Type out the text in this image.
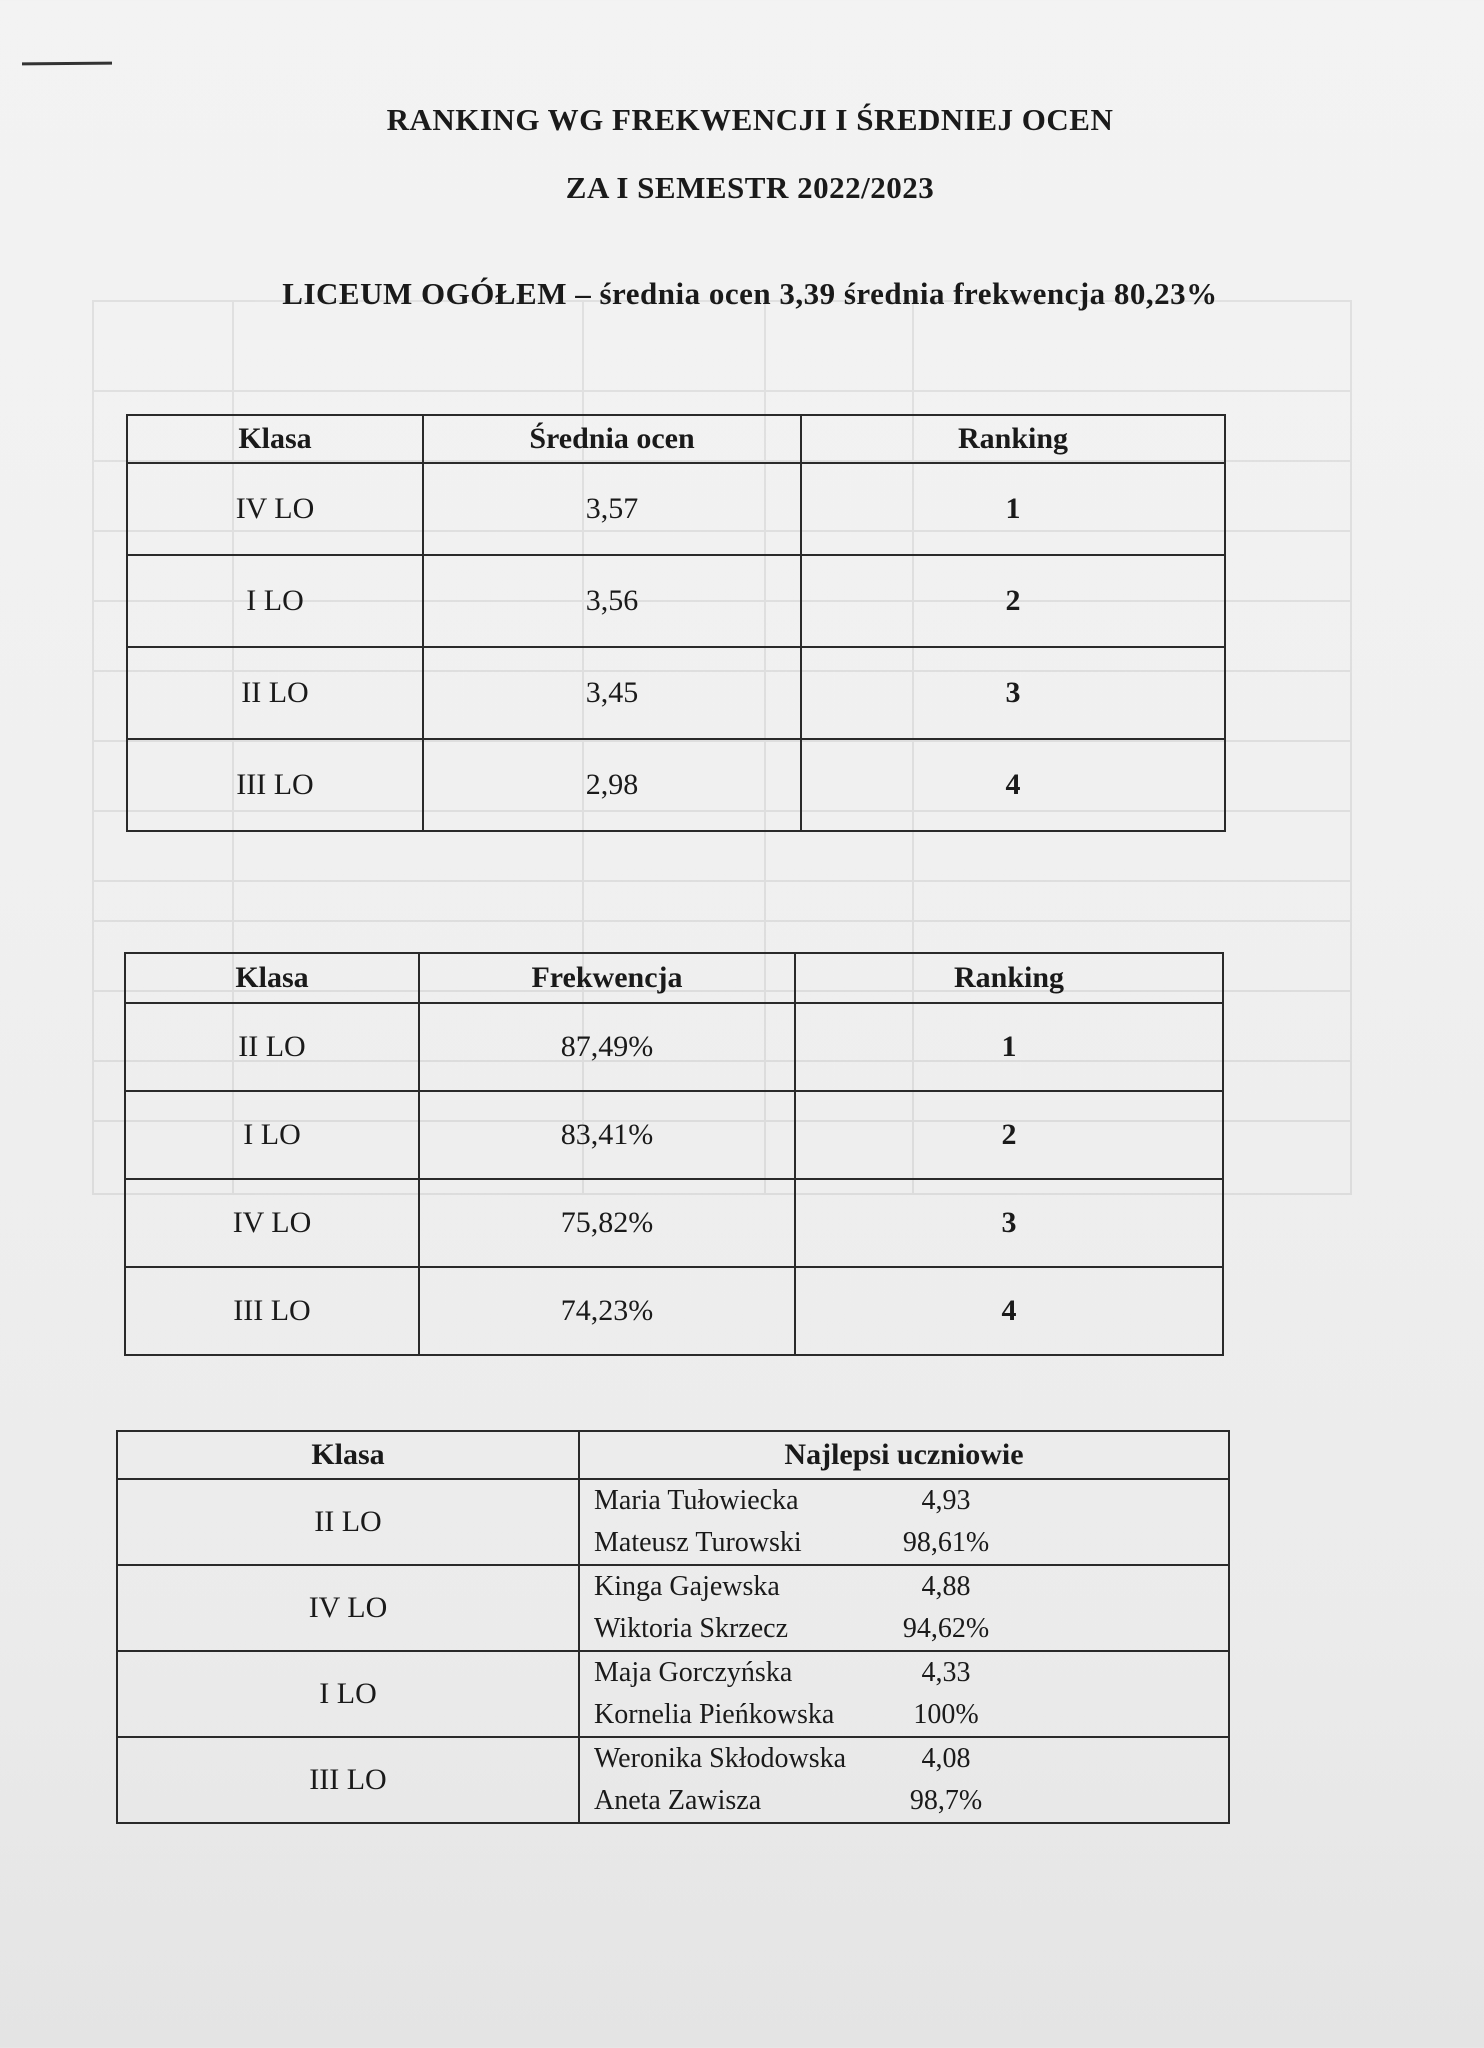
RANKING WG FREKWENCJI I ŚREDNIEJ OCEN
ZA I SEMESTR 2022/2023
LICEUM OGÓŁEM – średnia ocen 3,39 średnia frekwencja 80,23%
Klasa	Średnia ocen	Ranking
IV LO	3,57	1
I LO	3,56	2
II LO	3,45	3
III LO	2,98	4
Klasa	Frekwencja	Ranking
II LO	87,49%	1
I LO	83,41%	2
IV LO	75,82%	3
III LO	74,23%	4
Klasa	Najlepsi uczniowie
II LO	Maria Tułowiecka 4,93
Mateusz Turowski 98,61%

IV LO	Kinga Gajewska 4,88
Wiktoria Skrzecz 94,62%

I LO	Maja Gorczyńska 4,33
Kornelia Pieńkowska 100%

III LO	Weronika Skłodowska 4,08
Aneta Zawisza 98,7%
